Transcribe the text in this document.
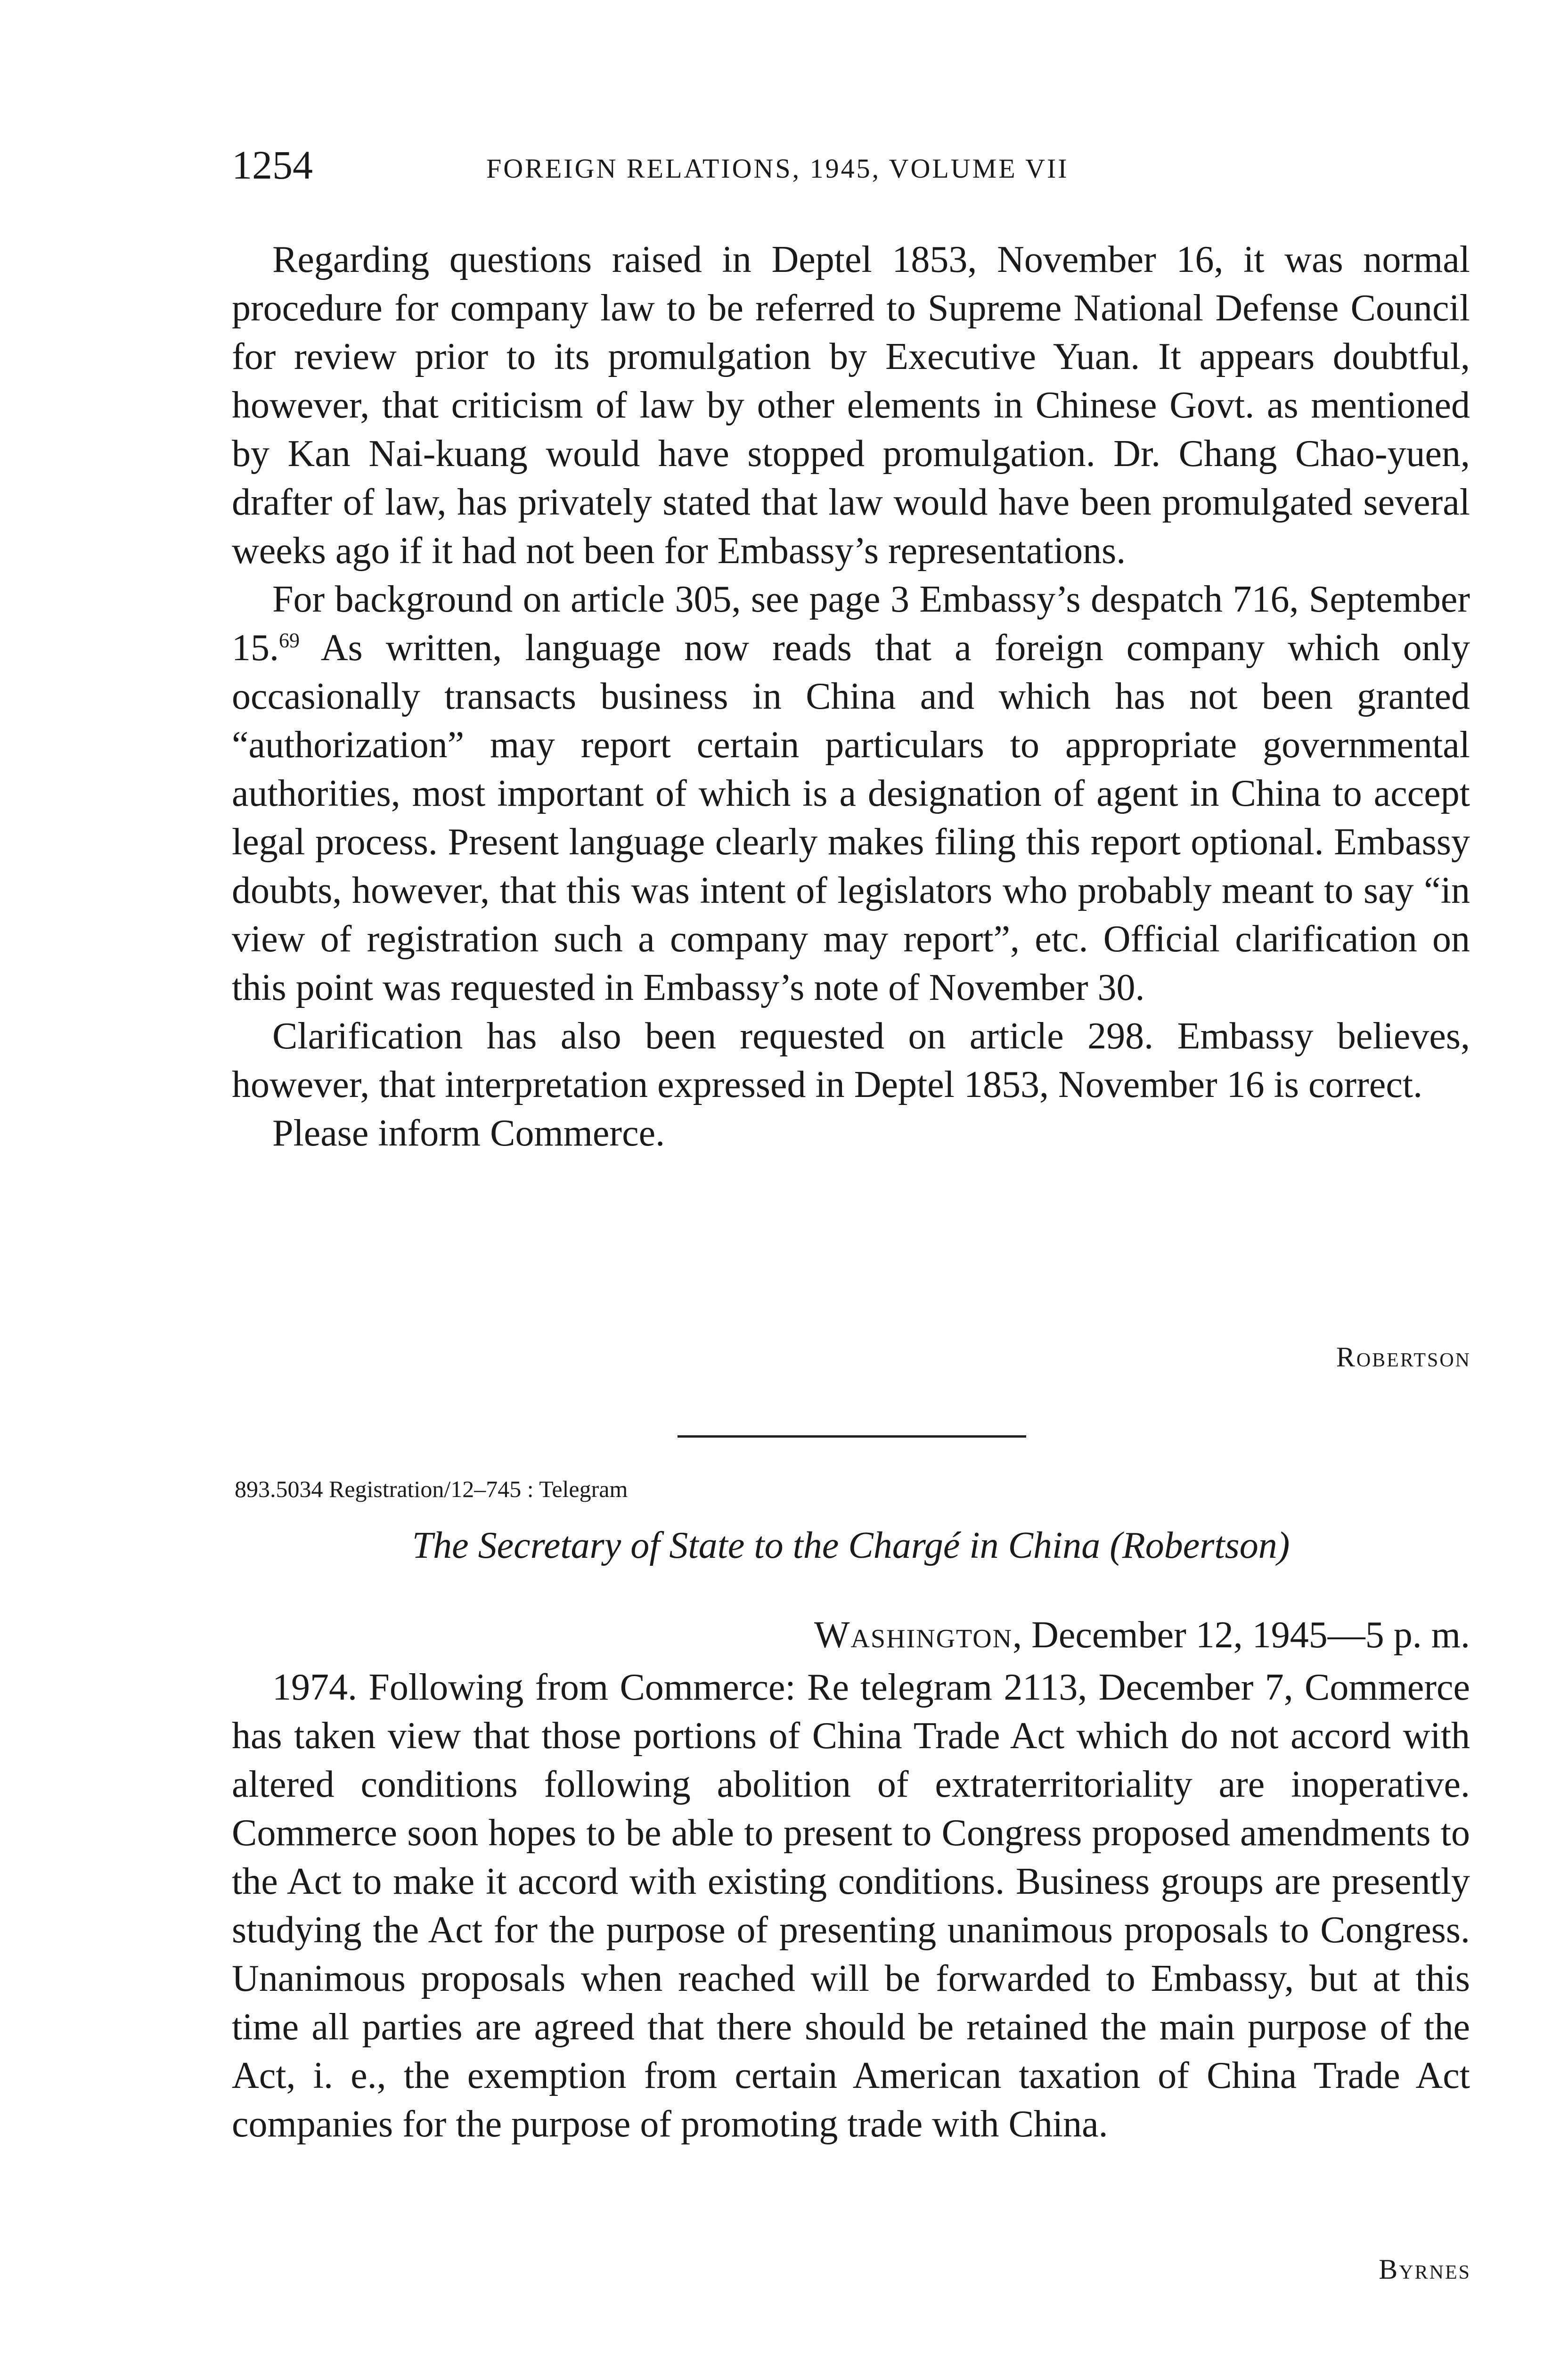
1254	FOREIGN RELATIONS, 1945, VOLUME VII

Regarding questions raised in Deptel 1853, November 16, it was normal procedure for company law to be referred to Supreme National Defense Council for review prior to its promulgation by Executive Yuan. It appears doubtful, however, that criticism of law by other elements in Chinese Govt. as mentioned by Kan Nai-kuang would have stopped promulgation. Dr. Chang Chao-yuen, drafter of law, has privately stated that law would have been promulgated several weeks ago if it had not been for Embassy’s representations.

For background on article 305, see page 3 Embassy’s despatch 716, September 15.69 As written, language now reads that a foreign company which only occasionally transacts business in China and which has not been granted “authorization” may report certain particulars to appropriate governmental authorities, most important of which is a designation of agent in China to accept legal process. Present language clearly makes filing this report optional. Embassy doubts, however, that this was intent of legislators who probably meant to say “in view of registration such a company may report”, etc. Official clarification on this point was requested in Embassy’s note of November 30.

Clarification has also been requested on article 298. Embassy believes, however, that interpretation expressed in Deptel 1853, November 16 is correct.

Please inform Commerce.

Robertson
893.5034 Registration/12–745 : Telegram
The Secretary of State to the Chargé in China (Robertson)
Washington, December 12, 1945—5 p. m.

1974. Following from Commerce: Re telegram 2113, December 7, Commerce has taken view that those portions of China Trade Act which do not accord with altered conditions following abolition of extraterritoriality are inoperative. Commerce soon hopes to be able to present to Congress proposed amendments to the Act to make it accord with existing conditions. Business groups are presently studying the Act for the purpose of presenting unanimous proposals to Congress. Unanimous proposals when reached will be forwarded to Embassy, but at this time all parties are agreed that there should be retained the main purpose of the Act, i. e., the exemption from certain American taxation of China Trade Act companies for the purpose of promoting trade with China.

Byrnes
